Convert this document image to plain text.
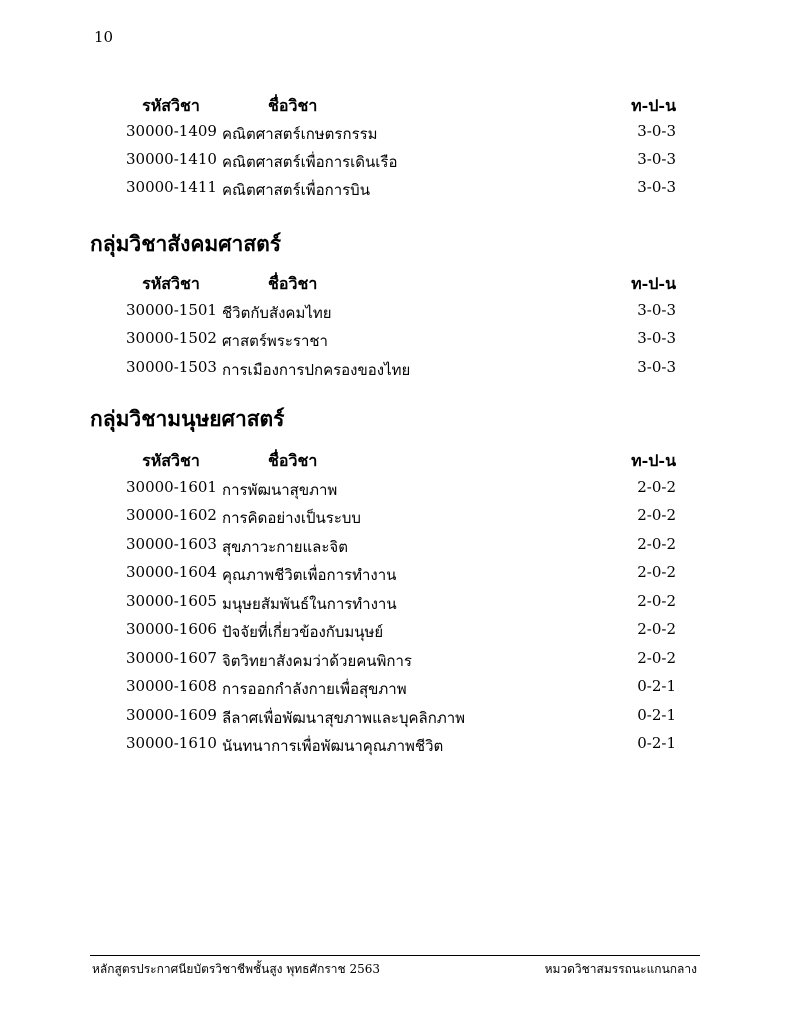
10
รหัสวิชา	ชื่อวิชา	ท-ป-น
30000-1409 คณิตศาสตร์เกษตรกรรม	3-0-3
30000-1410 คณิตศาสตร์เพื่อการเดินเรือ	3-0-3
30000-1411 คณิตศาสตร์เพื่อการบิน	3-0-3
กลุ่มวิชาสังคมศาสตร์
รหัสวิชา	ชื่อวิชา	ท-ป-น
30000-1501 ชีวิตกับสังคมไทย	3-0-3
30000-1502 ศาสตร์พระราชา	3-0-3
30000-1503 การเมืองการปกครองของไทย	3-0-3
กลุ่มวิชามนุษยศาสตร์
รหัสวิชา	ชื่อวิชา	ท-ป-น
30000-1601 การพัฒนาสุขภาพ	2-0-2
30000-1602 การคิดอย่างเป็นระบบ	2-0-2
30000-1603 สุขภาวะกายและจิต	2-0-2
30000-1604 คุณภาพชีวิตเพื่อการทำงาน	2-0-2
30000-1605 มนุษยสัมพันธ์ในการทำงาน	2-0-2
30000-1606 ปัจจัยที่เกี่ยวข้องกับมนุษย์	2-0-2
30000-1607 จิตวิทยาสังคมว่าด้วยคนพิการ	2-0-2
30000-1608 การออกกำลังกายเพื่อสุขภาพ	0-2-1
30000-1609 ลีลาศเพื่อพัฒนาสุขภาพและบุคลิกภาพ	0-2-1
30000-1610 นันทนาการเพื่อพัฒนาคุณภาพชีวิต	0-2-1
หลักสูตรประกาศนียบัตรวิชาชีพชั้นสูง พุทธศักราช 2563	หมวดวิชาสมรรถนะแกนกลาง
